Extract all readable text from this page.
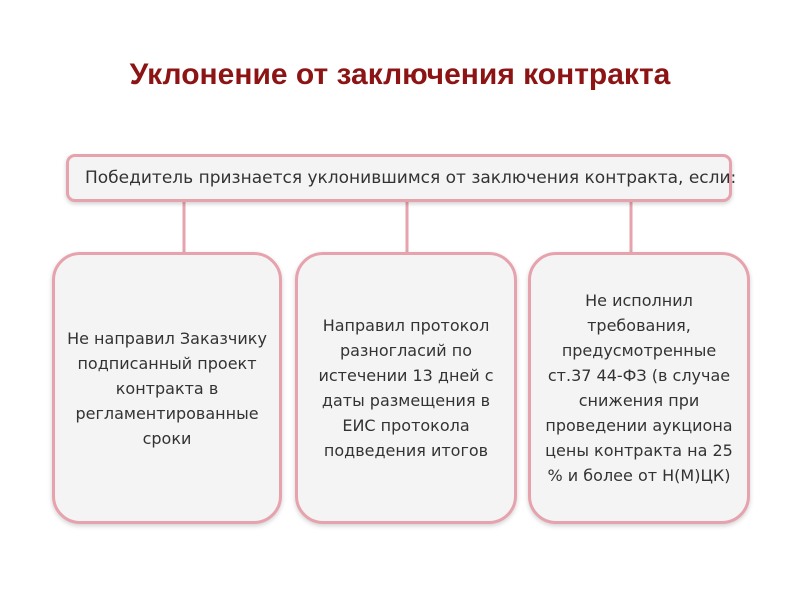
Уклонение от заключения контракта
Победитель признается уклонившимся от заключения контракта, если:
Не направил Заказчику подписанный проект контракта в регламентированные сроки
Направил протокол разногласий по истечении 13 дней с даты размещения в ЕИС протокола подведения итогов
Не исполнил требования, предусмотренные ст.37 44-ФЗ (в случае снижения при проведении аукциона цены контракта на 25 % и более от Н(М)ЦК)
